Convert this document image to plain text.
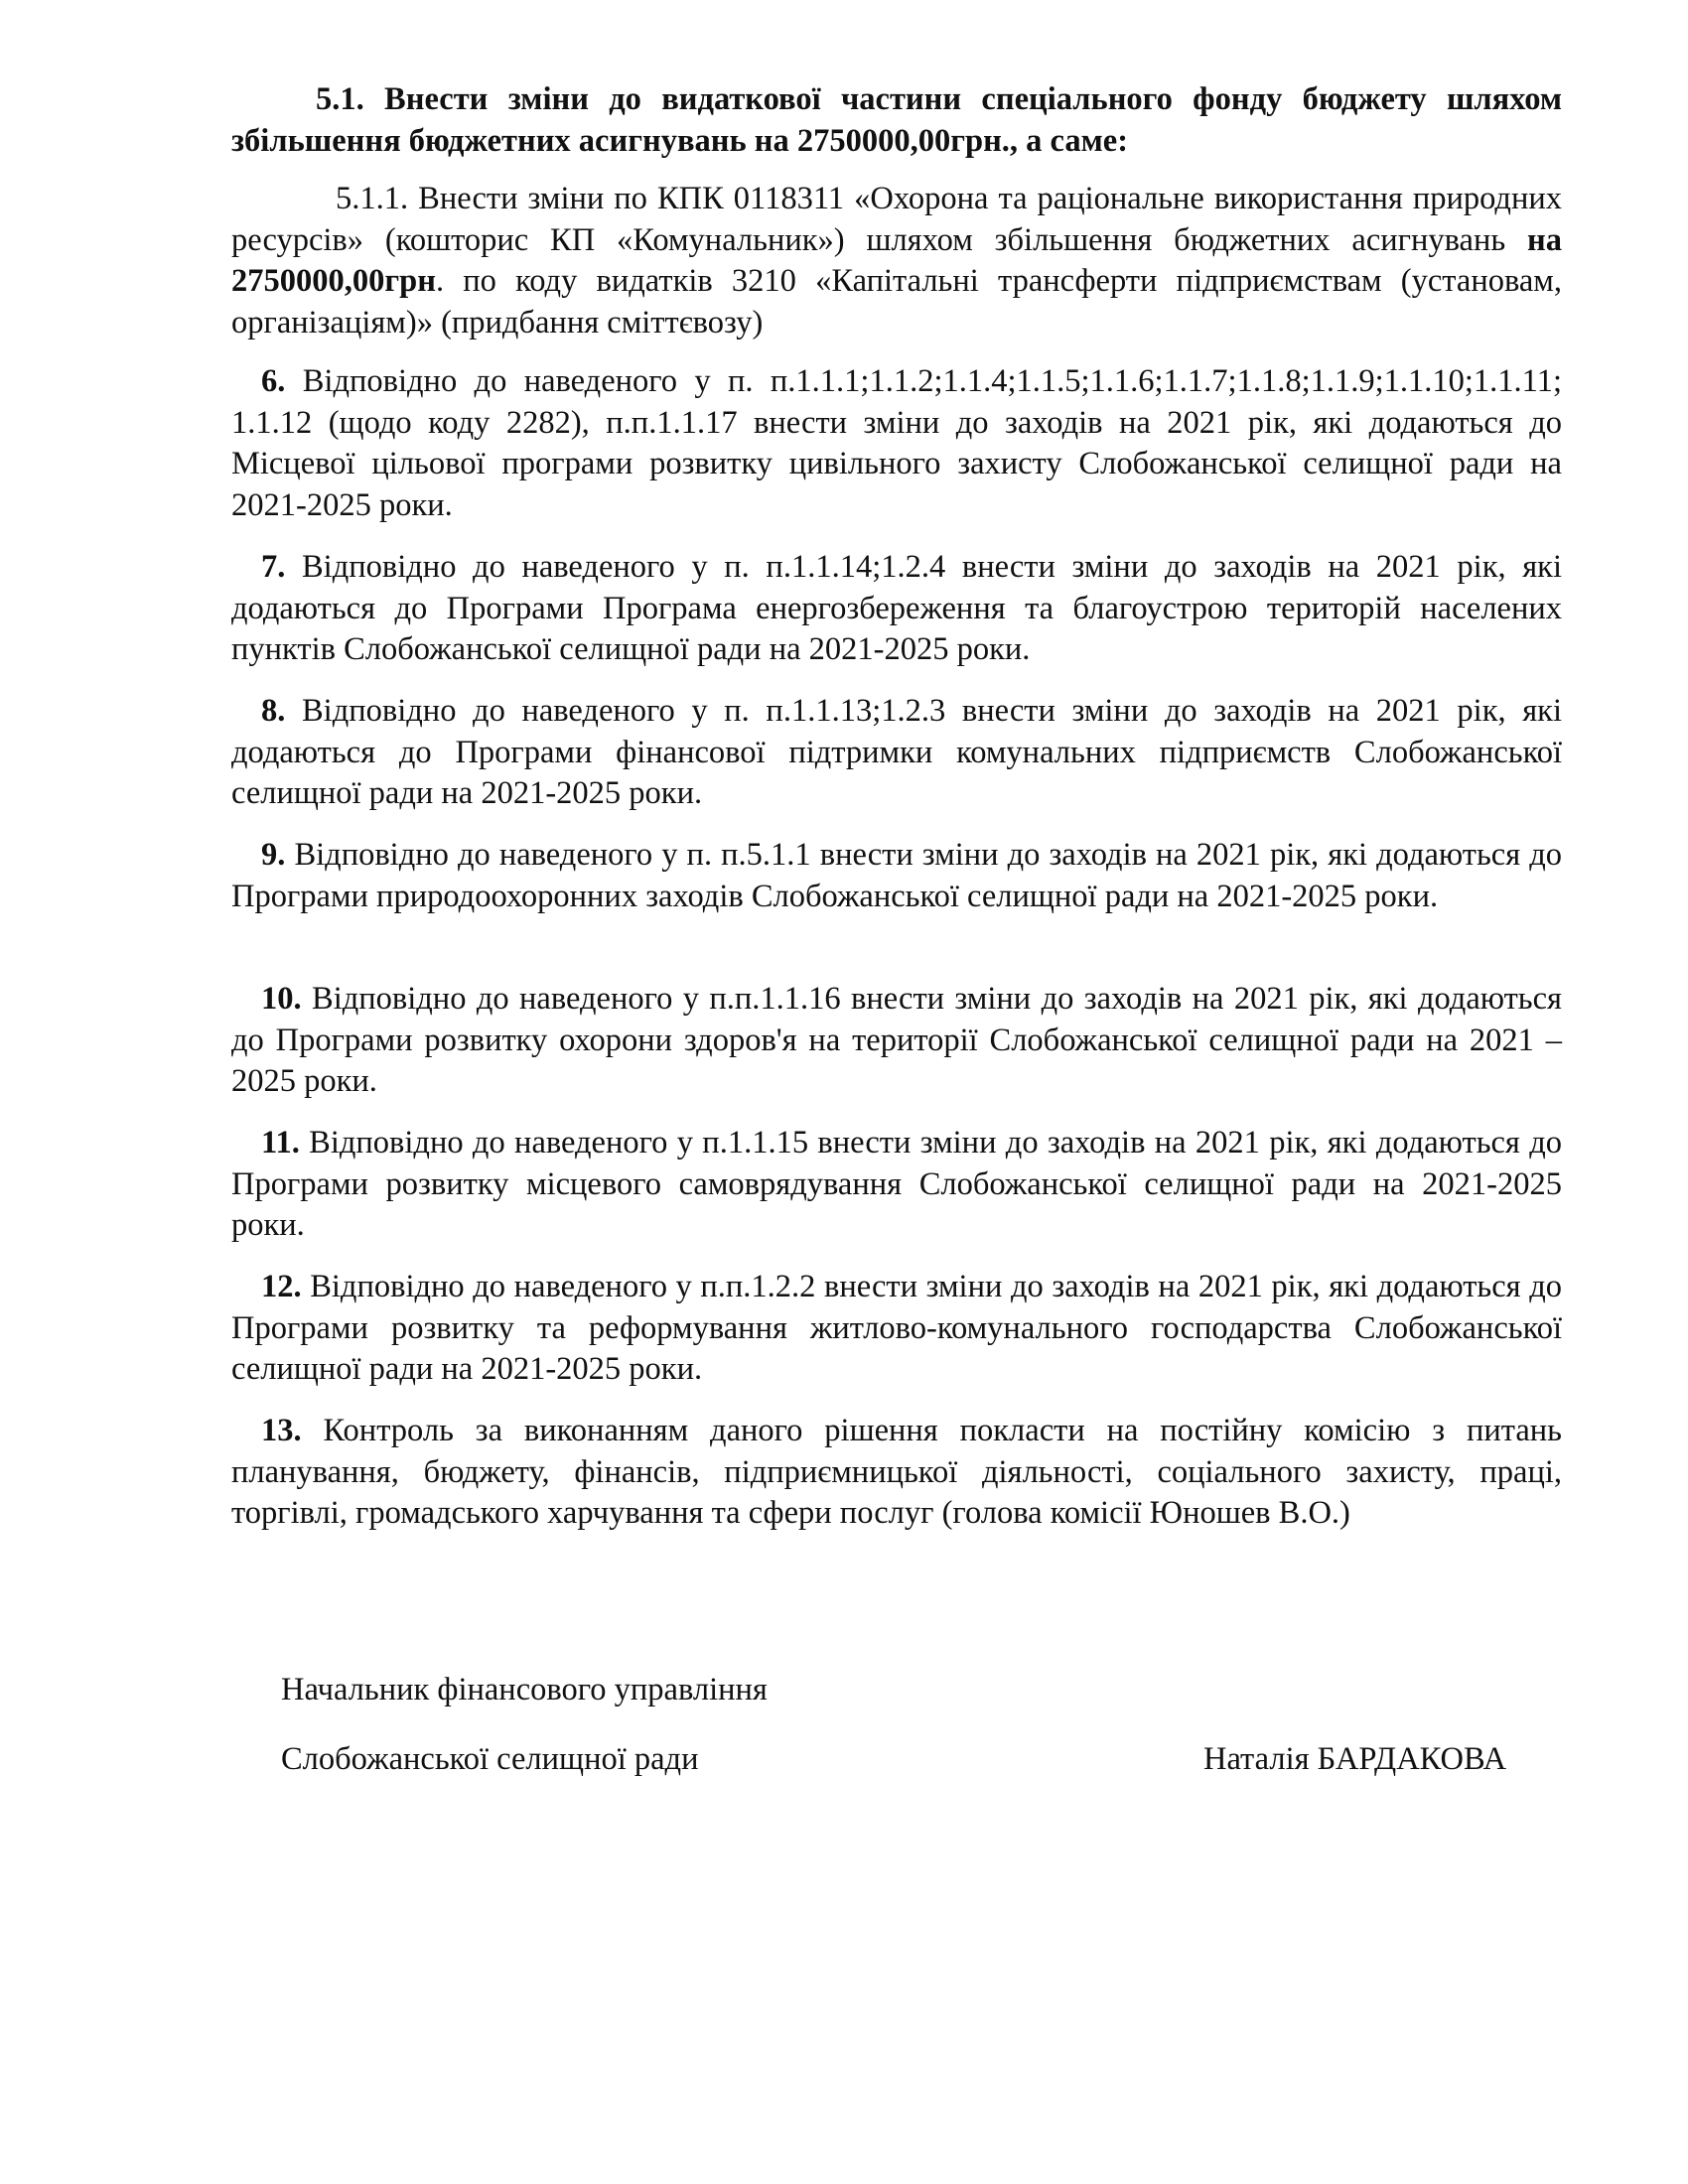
5.1. Внести зміни до видаткової частини спеціального фонду бюджету шляхом збільшення бюджетних асигнувань на 2750000,00грн., а саме:

5.1.1. Внести зміни по КПК 0118311 «Охорона та раціональне використання природних ресурсів» (кошторис КП «Комунальник») шляхом збільшення бюджетних асигнувань на 2750000,00грн. по коду видатків 3210 «Капітальні трансферти підприємствам (установам, організаціям)» (придбання сміттєвозу)

6. Відповідно до наведеного у п. п.1.1.1;1.1.2;1.1.4;1.1.5;1.1.6;1.1.7;1.1.8;1.1.9;1.1.10;1.1.11; 1.1.12 (щодо коду 2282), п.п.1.1.17 внести зміни до заходів на 2021 рік, які додаються до Місцевої цільової програми розвитку цивільного захисту Слобожанської селищної ради на 2021-2025 роки.

7. Відповідно до наведеного у п. п.1.1.14;1.2.4 внести зміни до заходів на 2021 рік, які додаються до Програми Програма енергозбереження та благоустрою територій населених пунктів Слобожанської селищної ради на 2021-2025 роки.

8. Відповідно до наведеного у п. п.1.1.13;1.2.3 внести зміни до заходів на 2021 рік, які додаються до Програми фінансової підтримки комунальних підприємств Слобожанської селищної ради на 2021-2025 роки.

9. Відповідно до наведеного у п. п.5.1.1 внести зміни до заходів на 2021 рік, які додаються до Програми природоохоронних заходів Слобожанської селищної ради на 2021-2025 роки.

10. Відповідно до наведеного у п.п.1.1.16 внести зміни до заходів на 2021 рік, які додаються до Програми розвитку охорони здоров'я на території Слобожанської селищної ради на 2021 – 2025 роки.

11. Відповідно до наведеного у п.1.1.15 внести зміни до заходів на 2021 рік, які додаються до Програми розвитку місцевого самоврядування Слобожанської селищної ради на 2021-2025 роки.

12. Відповідно до наведеного у п.п.1.2.2 внести зміни до заходів на 2021 рік, які додаються до Програми розвитку та реформування житлово-комунального господарства Слобожанської селищної ради на 2021-2025 роки.

13. Контроль за виконанням даного рішення покласти на постійну комісію з питань планування, бюджету, фінансів, підприємницької діяльності, соціального захисту, праці, торгівлі, громадського харчування та сфери послуг (голова комісії Юношев В.О.)

Начальник фінансового управління
Слобожанської селищної ради	Наталія БАРДАКОВА
